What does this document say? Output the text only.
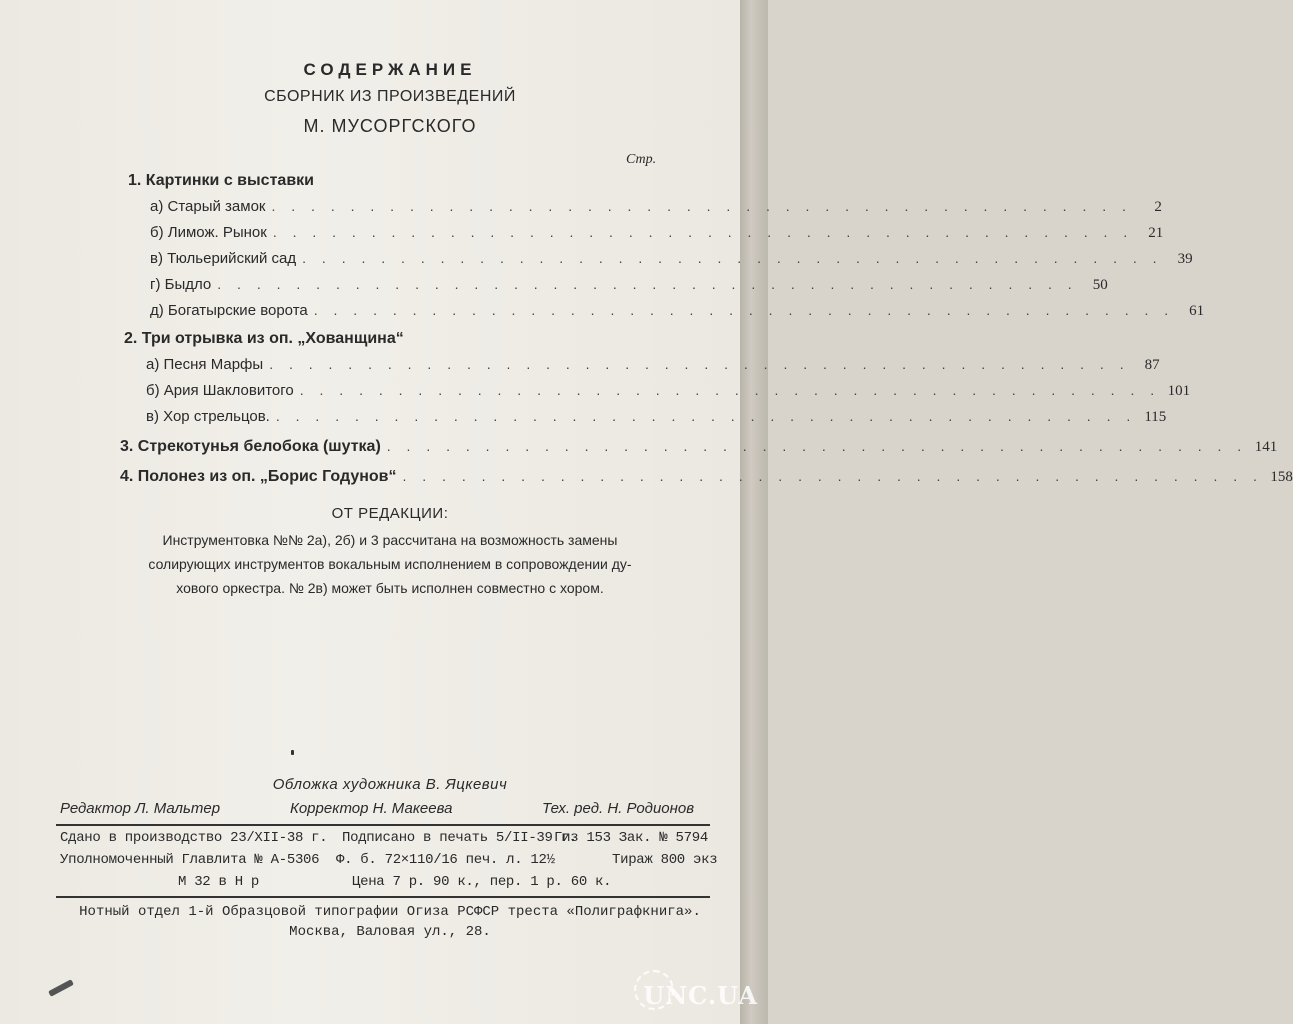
СОДЕРЖАНИЕ
СБОРНИК ИЗ ПРОИЗВЕДЕНИЙ
М. МУСОРГСКОГО
Стр.
1. Картинки с выставки
а) Старый замок . . . . . . . . . . . . . . . . . . . . . . . . . . . . . . . . . . . . . . . . . . . .	2
б) Лимож. Рынок . . . . . . . . . . . . . . . . . . . . . . . . . . . . . . . . . . . . . . . . . . . .	21
в) Тюльерийский сад . . . . . . . . . . . . . . . . . . . . . . . . . . . . . . . . . . . . . . . . . . . .	39
г) Быдло . . . . . . . . . . . . . . . . . . . . . . . . . . . . . . . . . . . . . . . . . . . .	50
д) Богатырские ворота . . . . . . . . . . . . . . . . . . . . . . . . . . . . . . . . . . . . . . . . . . . .	61
2. Три отрывка из оп. „Хованщина“
а) Песня Марфы . . . . . . . . . . . . . . . . . . . . . . . . . . . . . . . . . . . . . . . . . . . .	87
б) Ария Шакловитого . . . . . . . . . . . . . . . . . . . . . . . . . . . . . . . . . . . . . . . . . . . . 101
в) Хор стрельцов. . . . . . . . . . . . . . . . . . . . . . . . . . . . . . . . . . . . . . . . . . . . . 115
3. Стрекотунья белобока (шутка) . . . . . . . . . . . . . . . . . . . . . . . . . . . . . . . . . . . . . . . . . . . . 141
4. Полонез из оп. „Борис Годунов“ . . . . . . . . . . . . . . . . . . . . . . . . . . . . . . . . . . . . . . . . . . . . 158
ОТ РЕДАКЦИИ:
Инструментовка №№ 2а), 2б) и 3 рассчитана на возможность замены
солирующих инструментов вокальным исполнением в сопровождении ду-
хового оркестра. № 2в) может быть исполнен совместно с хором.
Обложка художника В. Яцкевич
Редактор Л. Мальтер	Корректор Н. Макеева	Тех. ред. Н. Родионов
Сдано в производство 23/XII-38 г. Подписано в печать 5/II-39 г.
Гиз 153 Зак. № 5794
Уполномоченный Главлита № А-5306 Ф. б. 72×110/16 печ. л. 12½	Тираж 800 экз
М 32 в Н р	Цена 7 р. 90 к., пер. 1 р. 60 к.
Нотный отдел 1-й Образцовой типографии Огиза РСФСР треста «Полиграфкнига».
Москва, Валовая ул., 28.
UNC.UA
